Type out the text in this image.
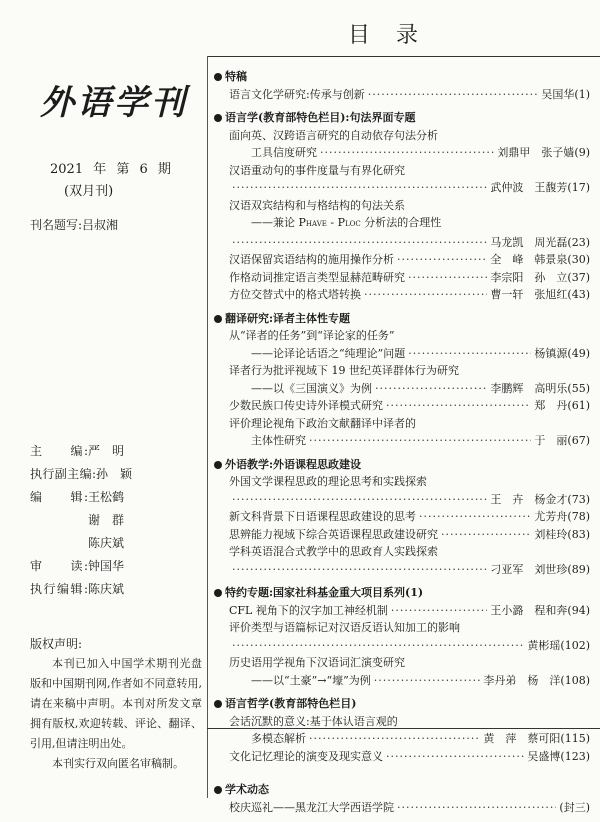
目录
外语学刊
2021 年 第 6 期
(双月刊)
刊名题写:吕叔湘
主　　编: 严　明
执行副主编: 孙　颖
编　　辑: 王松鹤
谢　群
陈庆斌
审　　读: 钟国华
执行编辑: 陈庆斌
版权声明:

本刊已加入中国学术期刊光盘版和中国期刊网,作者如不同意转用,请在来稿中声明。本刊对所发文章拥有版权,欢迎转载、评论、翻译、引用,但请注明出处。

本刊实行双向匿名审稿制。

特稿
语言文化学研究:传承与创新 ·····	吴国华(1)
语言学(教育部特色栏目):句法界面专题
面向英、汉跨语言研究的自动依存句法分析
　　工具信度研究 ·····	刘鼎甲　张子嫱(9)
汉语重动句的事件度量与有界化研究
·····
武仲波　王馥芳(17)
汉语双宾结构和与格结构的句法关系
　　——兼论 PHAVE - PLOC 分析法的合理性
·····
马龙凯　周光磊(23)
汉语保留宾语结构的施用操作分析 ·····	全　峰　韩景泉(30)
作格动词推定语言类型显赫范畴研究 ·····	李宗阳　孙　立(37)
方位交替式中的格式塔转换 ·····	曹一轩　张旭红(43)
翻译研究:译者主体性专题
从“译者的任务”到“译论家的任务”
　　——论译论话语之“纯理论”问题 ·····	杨镇源(49)
译者行为批评视域下 19 世纪英译群体行为研究
　　——以《三国演义》为例 ·····	李鹏辉　高明乐(55)
少数民族口传史诗外译模式研究 ·····	郑　丹(61)
评价理论视角下政治文献翻译中译者的
　　主体性研究 ·····	于　丽(67)
外语教学:外语课程思政建设
外国文学课程思政的理论思考和实践探索
·····
王　卉　杨金才(73)
新文科背景下日语课程思政建设的思考 ·····	尤芳舟(78)
思辨能力视域下综合英语课程思政建设研究 ·····	刘桂玲(83)
学科英语混合式教学中的思政育人实践探索
·····
刁亚军　刘世珍(89)
特约专题:国家社科基金重大项目系列(1)
CFL 视角下的汉字加工神经机制 ·····	王小潞　程和奔(94)
评价类型与语篇标记对汉语反语认知加工的影响
·····
黄彬瑶(102)
历史语用学视角下汉语词汇演变研究
　　——以“土豪”→“壕”为例 ·····	李丹弟　杨　洋(108)
语言哲学(教育部特色栏目)
会话沉默的意义:基于体认语言观的
　　多模态解析 ·····	黄　萍　蔡可阳(115)
文化记忆理论的演变及现实意义 ·····	吴盛博(123)
学术动态
校庆巡礼——黑龙江大学西语学院 ·····	(封三)
